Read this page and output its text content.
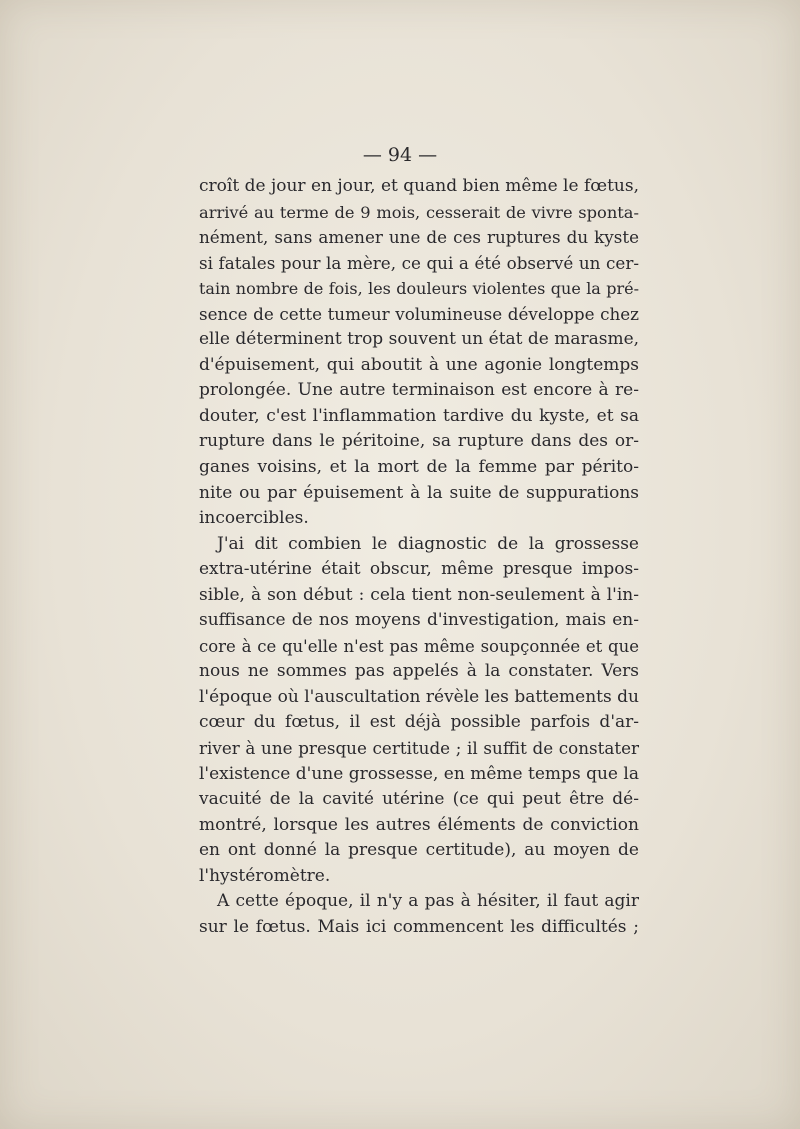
— 94 —
croît de jour en jour, et quand bien même le fœtus,
arrivé au terme de 9 mois, cesserait de vivre sponta-
nément, sans amener une de ces ruptures du kyste
si fatales pour la mère, ce qui a été observé un cer-
tain nombre de fois, les douleurs violentes que la pré-
sence de cette tumeur volumineuse développe chez
elle déterminent trop souvent un état de marasme,
d'épuisement, qui aboutit à une agonie longtemps
prolongée. Une autre terminaison est encore à re-
douter, c'est l'inflammation tardive du kyste, et sa
rupture dans le péritoine, sa rupture dans des or-
ganes voisins, et la mort de la femme par périto-
nite ou par épuisement à la suite de suppurations
incoercibles.
J'ai dit combien le diagnostic de la grossesse
extra-utérine était obscur, même presque impos-
sible, à son début : cela tient non-seulement à l'in-
suffisance de nos moyens d'investigation, mais en-
core à ce qu'elle n'est pas même soupçonnée et que
nous ne sommes pas appelés à la constater. Vers
l'époque où l'auscultation révèle les battements du
cœur du fœtus, il est déjà possible parfois d'ar-
river à une presque certitude ; il suffit de constater
l'existence d'une grossesse, en même temps que la
vacuité de la cavité utérine (ce qui peut être dé-
montré, lorsque les autres éléments de conviction
en ont donné la presque certitude), au moyen de
l'hystéromètre.
A cette époque, il n'y a pas à hésiter, il faut agir
sur le fœtus. Mais ici commencent les difficultés ;
